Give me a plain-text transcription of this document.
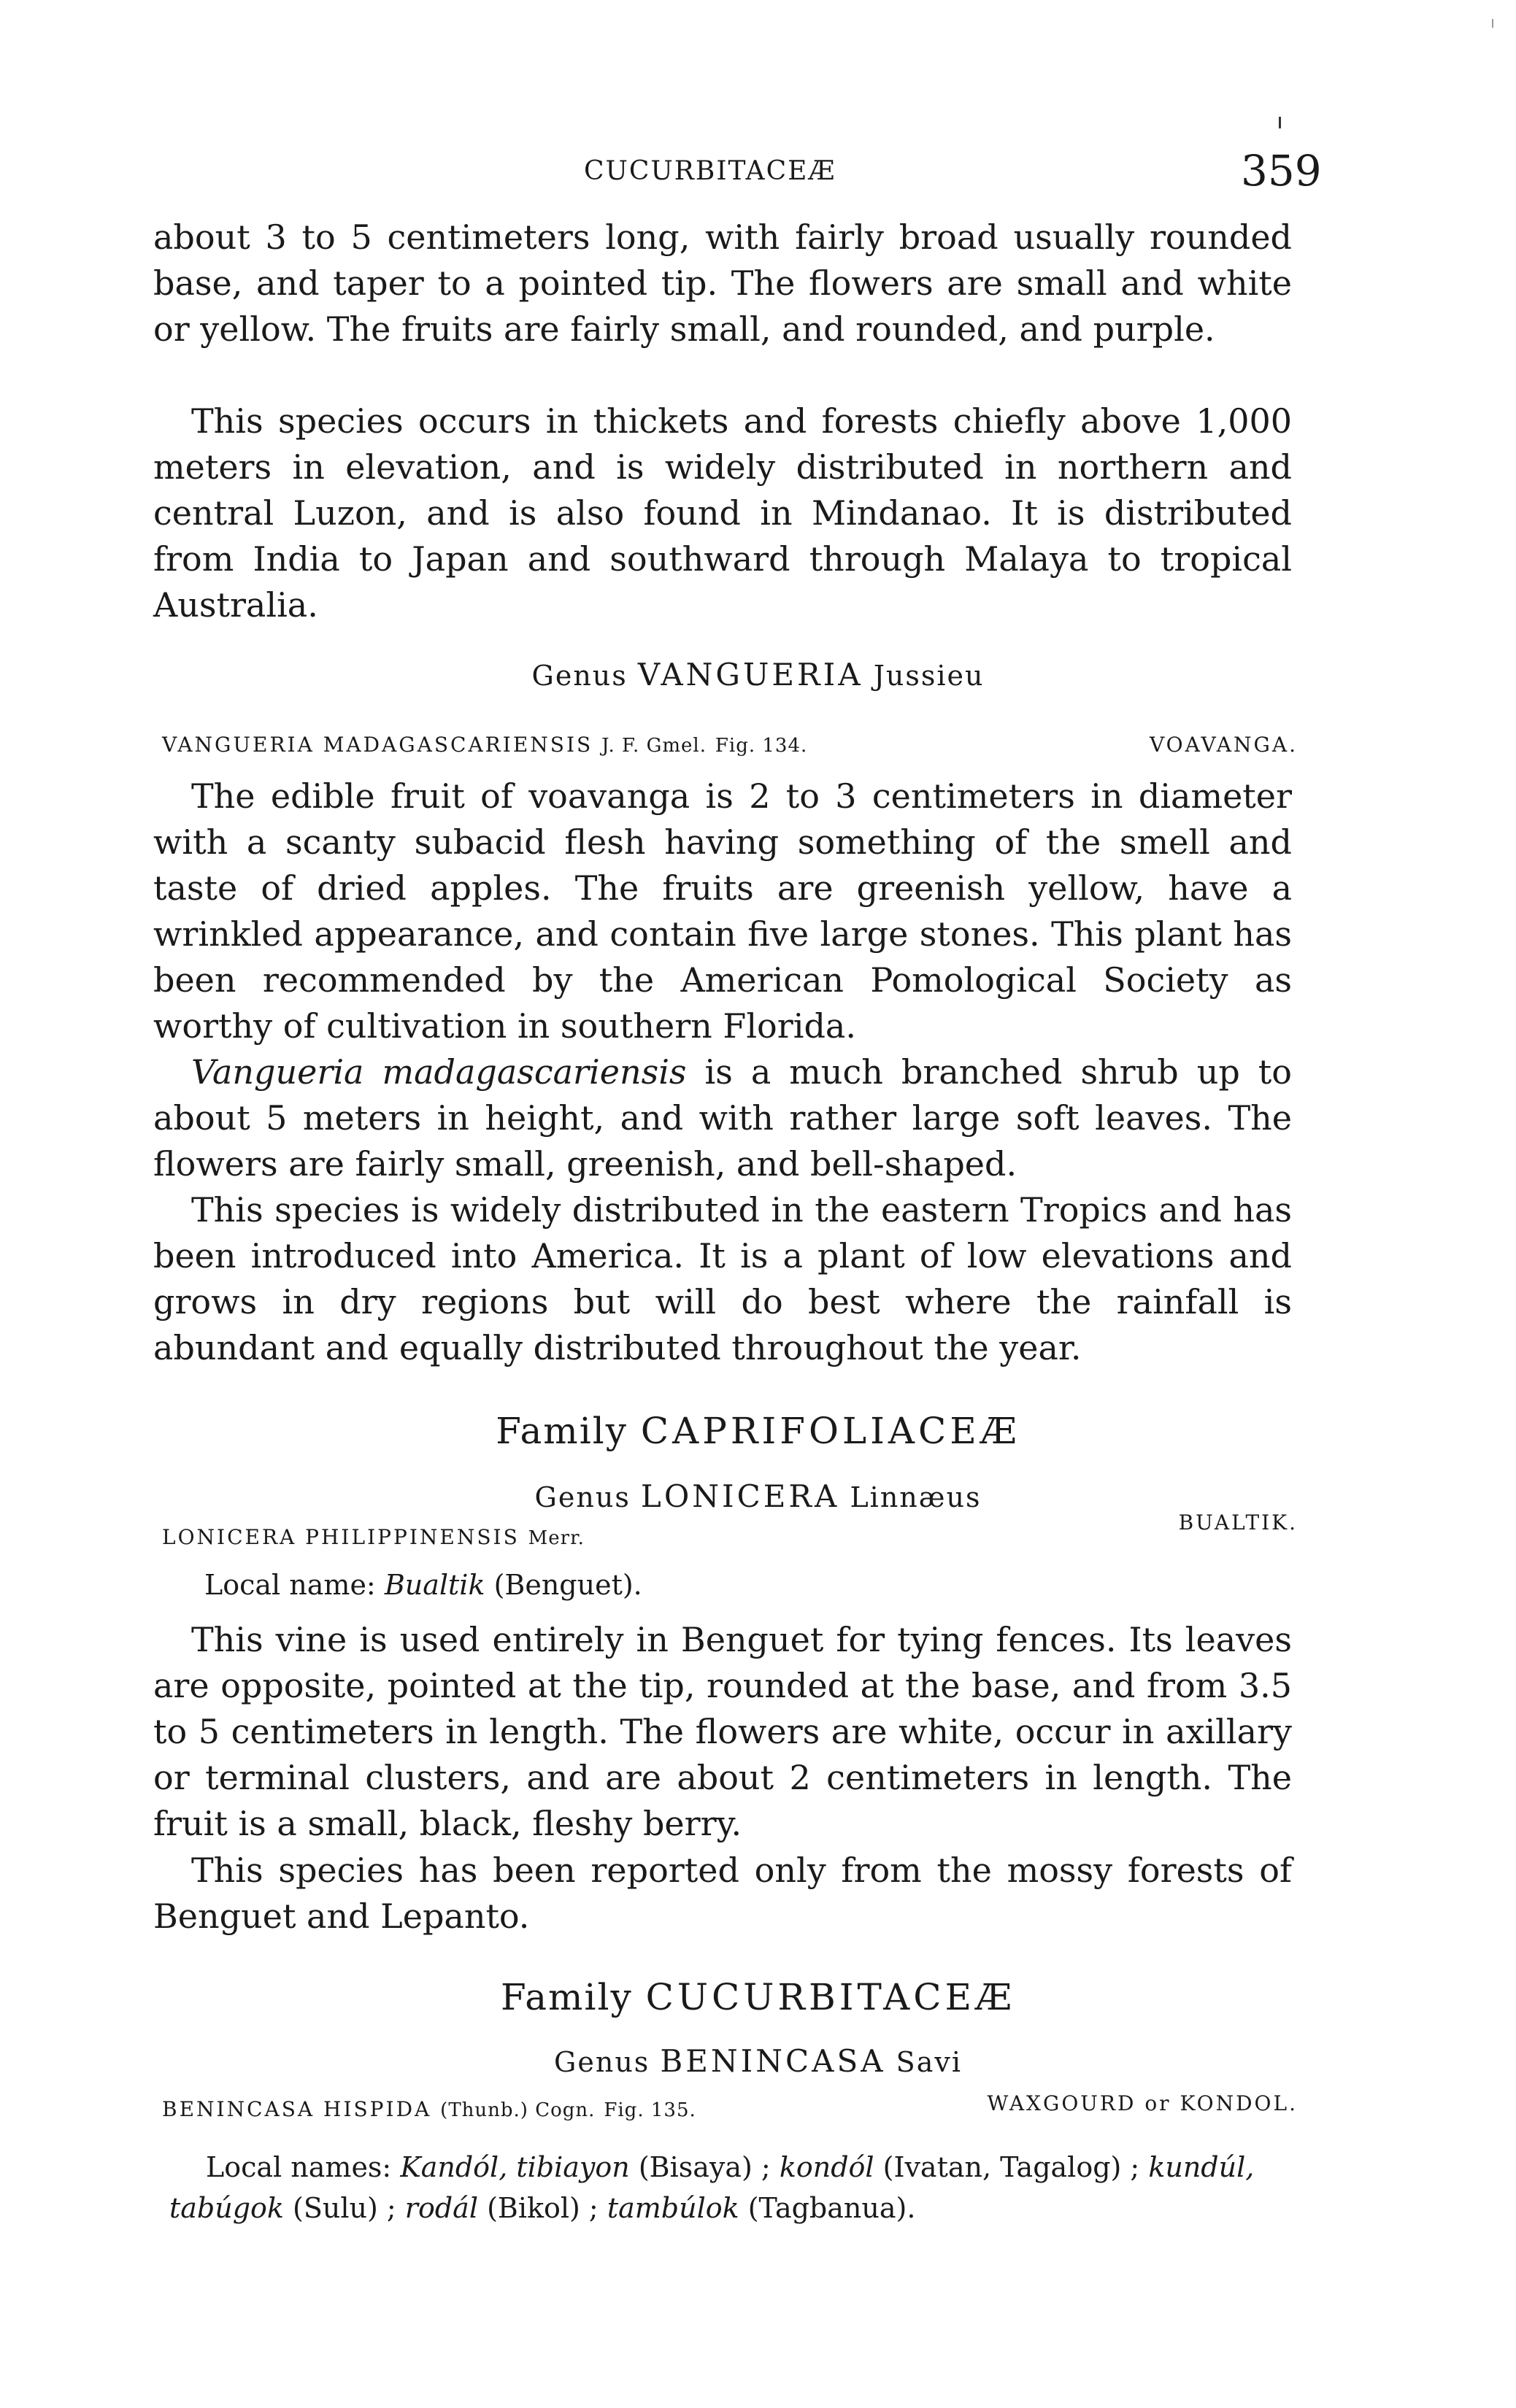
CUCURBITACEÆ	359

about 3 to 5 centimeters long, with fairly broad usually rounded base, and taper to a pointed tip. The flowers are small and white or yellow. The fruits are fairly small, and rounded, and purple.

This species occurs in thickets and forests chiefly above 1,000 meters in elevation, and is widely distributed in northern and central Luzon, and is also found in Mindanao. It is distributed from India to Japan and southward through Malaya to tropical Australia.

Genus VANGUERIA Jussieu
VANGUERIA MADAGASCARIENSIS J. F. Gmel. Fig. 134.	VOAVANGA.

The edible fruit of voavanga is 2 to 3 centimeters in diameter with a scanty subacid flesh having something of the smell and taste of dried apples. The fruits are greenish yellow, have a wrinkled appearance, and contain five large stones. This plant has been recommended by the American Pomological Society as worthy of cultivation in southern Florida.

Vangueria madagascariensis is a much branched shrub up to about 5 meters in height, and with rather large soft leaves. The flowers are fairly small, greenish, and bell-shaped.

This species is widely distributed in the eastern Tropics and has been introduced into America. It is a plant of low elevations and grows in dry regions but will do best where the rainfall is abundant and equally distributed throughout the year.

Family CAPRIFOLIACEÆ
Genus LONICERA Linnæus
LONICERA PHILIPPINENSIS Merr.
BUALTIK.
Local name: Bualtik (Benguet).

This vine is used entirely in Benguet for tying fences. Its leaves are opposite, pointed at the tip, rounded at the base, and from 3.5 to 5 centimeters in length. The flowers are white, occur in axillary or terminal clusters, and are about 2 centimeters in length. The fruit is a small, black, fleshy berry.

This species has been reported only from the mossy forests of Benguet and Lepanto.

Family CUCURBITACEÆ
Genus BENINCASA Savi
BENINCASA HISPIDA (Thunb.) Cogn. Fig. 135.	WAXGOURD or KONDOL.
Local names: Kandól, tibiayon (Bisaya) ; kondól (Ivatan, Tagalog) ; kundúl, tabúgok (Sulu) ; rodál (Bikol) ; tambúlok (Tagbanua).
